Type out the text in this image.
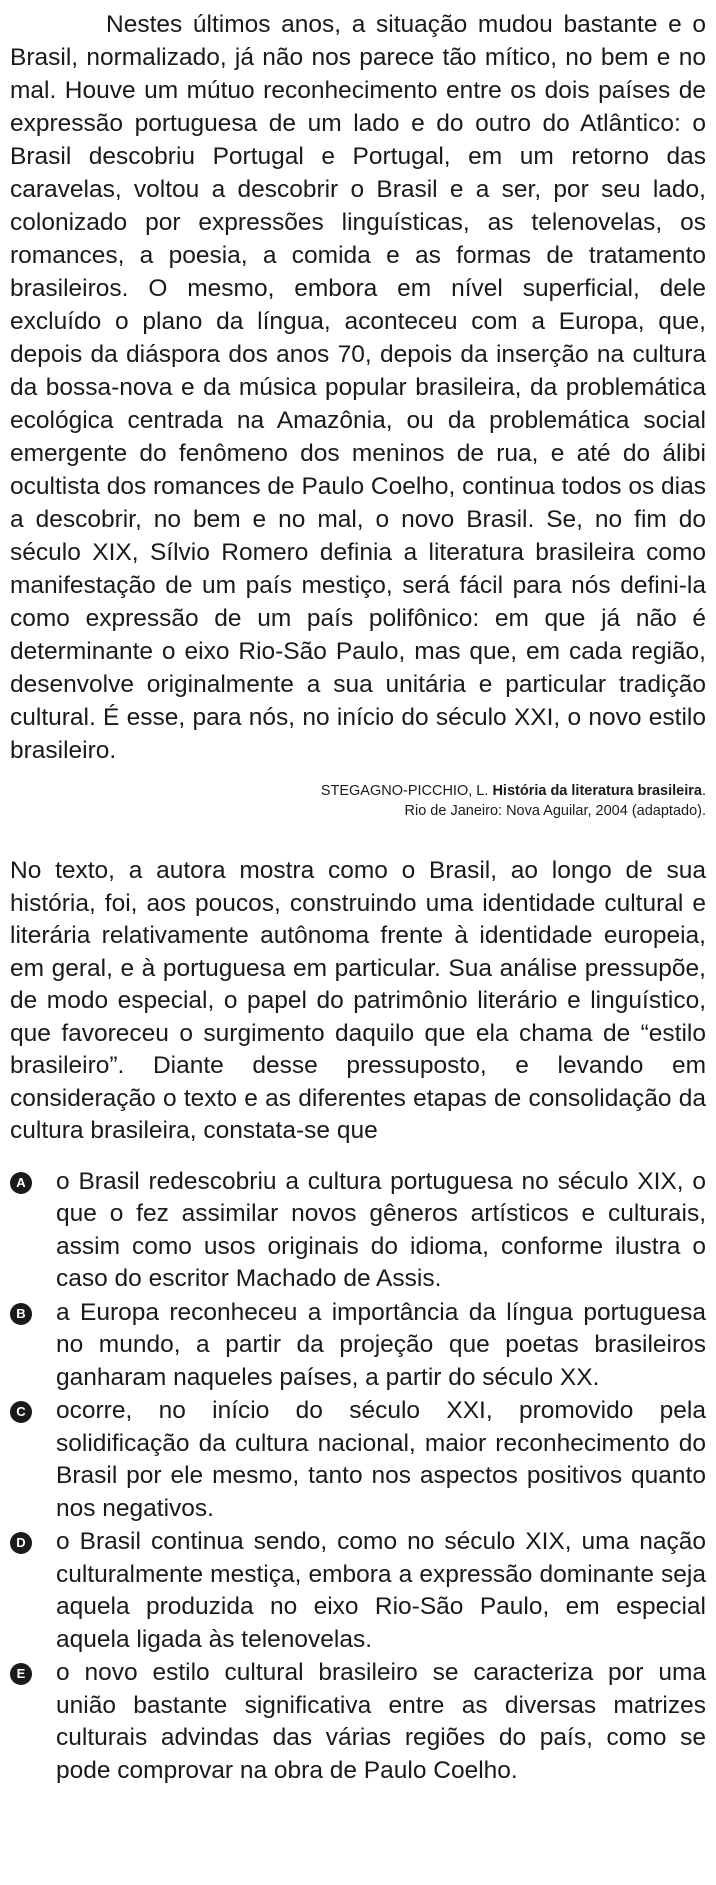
Nestes últimos anos, a situação mudou bastante e o Brasil, normalizado, já não nos parece tão mítico, no bem e no mal. Houve um mútuo reconhecimento entre os dois países de expressão portuguesa de um lado e do outro do Atlântico: o Brasil descobriu Portugal e Portugal, em um retorno das caravelas, voltou a descobrir o Brasil e a ser, por seu lado, colonizado por expressões linguísticas, as telenovelas, os romances, a poesia, a comida e as formas de tratamento brasileiros. O mesmo, embora em nível superficial, dele excluído o plano da língua, aconteceu com a Europa, que, depois da diáspora dos anos 70, depois da inserção na cultura da bossa-nova e da música popular brasileira, da problemática ecológica centrada na Amazônia, ou da problemática social emergente do fenômeno dos meninos de rua, e até do álibi ocultista dos romances de Paulo Coelho, continua todos os dias a descobrir, no bem e no mal, o novo Brasil. Se, no fim do século XIX, Sílvio Romero definia a literatura brasileira como manifestação de um país mestiço, será fácil para nós defini-la como expressão de um país polifônico: em que já não é determinante o eixo Rio-São Paulo, mas que, em cada região, desenvolve originalmente a sua unitária e particular tradição cultural. É esse, para nós, no início do século XXI, o novo estilo brasileiro.

STEGAGNO-PICCHIO, L. História da literatura brasileira.
Rio de Janeiro: Nova Aguilar, 2004 (adaptado).

No texto, a autora mostra como o Brasil, ao longo de sua história, foi, aos poucos, construindo uma identidade cultural e literária relativamente autônoma frente à identidade europeia, em geral, e à portuguesa em particular. Sua análise pressupõe, de modo especial, o papel do patrimônio literário e linguístico, que favoreceu o surgimento daquilo que ela chama de “estilo brasileiro”. Diante desse pressuposto, e levando em consideração o texto e as diferentes etapas de consolidação da cultura brasileira, constata-se que

A o Brasil redescobriu a cultura portuguesa no século XIX, o que o fez assimilar novos gêneros artísticos e culturais, assim como usos originais do idioma, conforme ilustra o caso do escritor Machado de Assis.
B a Europa reconheceu a importância da língua portuguesa no mundo, a partir da projeção que poetas brasileiros ganharam naqueles países, a partir do século XX.
C ocorre, no início do século XXI, promovido pela solidificação da cultura nacional, maior reconhecimento do Brasil por ele mesmo, tanto nos aspectos positivos quanto nos negativos.
D o Brasil continua sendo, como no século XIX, uma nação culturalmente mestiça, embora a expressão dominante seja aquela produzida no eixo Rio-São Paulo, em especial aquela ligada às telenovelas.
E o novo estilo cultural brasileiro se caracteriza por uma união bastante significativa entre as diversas matrizes culturais advindas das várias regiões do país, como se pode comprovar na obra de Paulo Coelho.
